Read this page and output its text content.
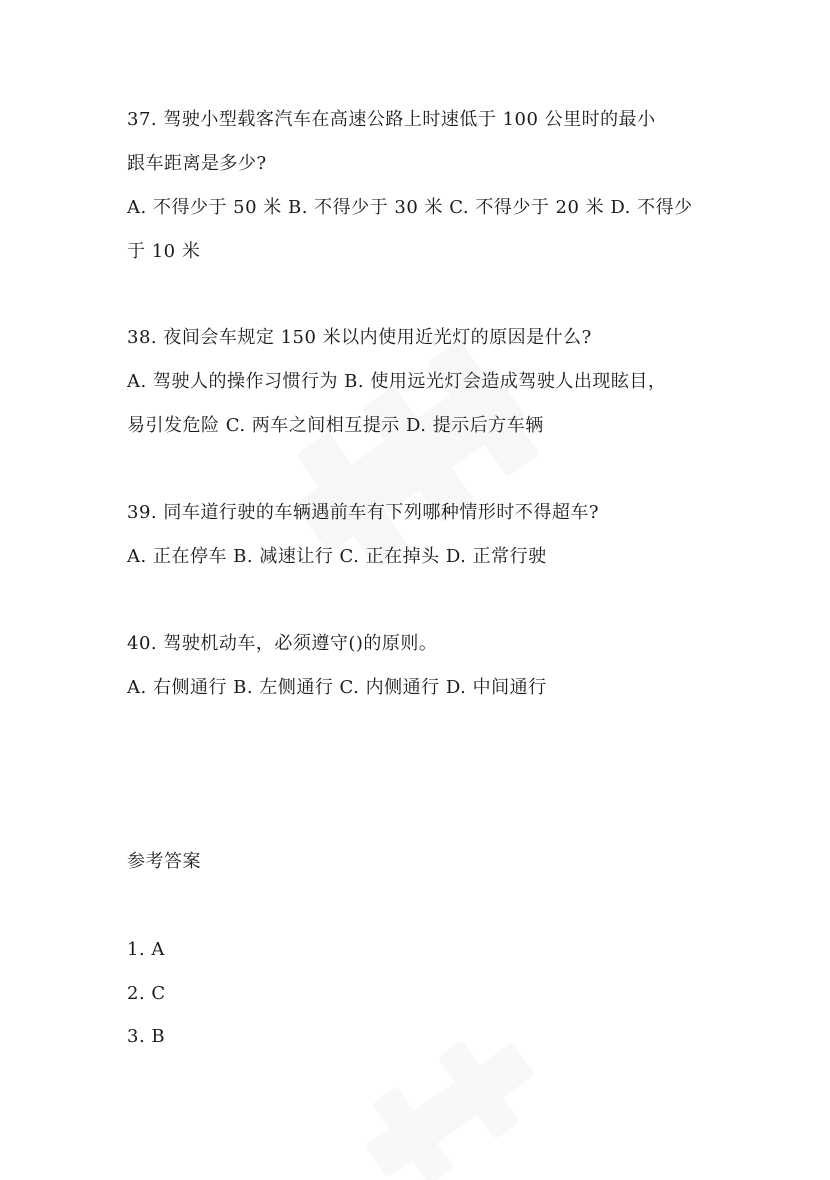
37. 驾驶小型载客汽车在高速公路上时速低于 100 公里时的最小
跟车距离是多少?
A. 不得少于 50 米 B. 不得少于 30 米 C. 不得少于 20 米 D. 不得少
于 10 米
38. 夜间会车规定 150 米以内使用近光灯的原因是什么?
A. 驾驶人的操作习惯行为 B. 使用远光灯会造成驾驶人出现眩目，
易引发危险 C. 两车之间相互提示 D. 提示后方车辆
39. 同车道行驶的车辆遇前车有下列哪种情形时不得超车?
A. 正在停车 B. 减速让行 C. 正在掉头 D. 正常行驶
40. 驾驶机动车，必须遵守()的原则。
A. 右侧通行 B. 左侧通行 C. 内侧通行 D. 中间通行
参考答案
1. A
2. C
3. B
